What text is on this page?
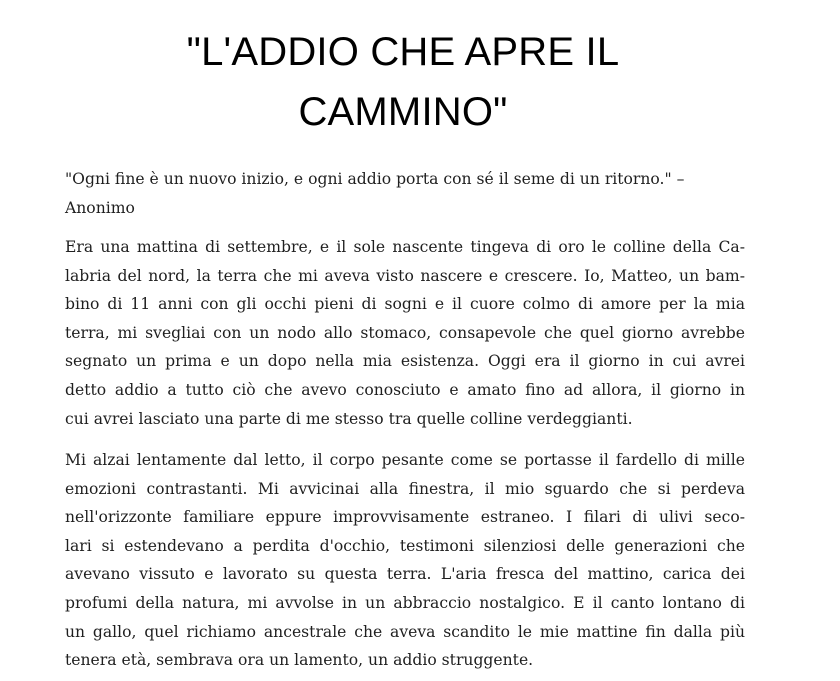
"L'ADDIO CHE APRE IL
CAMMINO"

"Ogni fine è un nuovo inizio, e ogni addio porta con sé il seme di un ritorno." –
Anonimo

Era una mattina di settembre, e il sole nascente tingeva di oro le colline della Ca-
labria del nord, la terra che mi aveva visto nascere e crescere. Io, Matteo, un bam-
bino di 11 anni con gli occhi pieni di sogni e il cuore colmo di amore per la mia
terra, mi svegliai con un nodo allo stomaco, consapevole che quel giorno avrebbe
segnato un prima e un dopo nella mia esistenza. Oggi era il giorno in cui avrei
detto addio a tutto ciò che avevo conosciuto e amato fino ad allora, il giorno in
cui avrei lasciato una parte di me stesso tra quelle colline verdeggianti.

Mi alzai lentamente dal letto, il corpo pesante come se portasse il fardello di mille
emozioni contrastanti. Mi avvicinai alla finestra, il mio sguardo che si perdeva
nell'orizzonte familiare eppure improvvisamente estraneo. I filari di ulivi seco-
lari si estendevano a perdita d'occhio, testimoni silenziosi delle generazioni che
avevano vissuto e lavorato su questa terra. L'aria fresca del mattino, carica dei
profumi della natura, mi avvolse in un abbraccio nostalgico. E il canto lontano di
un gallo, quel richiamo ancestrale che aveva scandito le mie mattine fin dalla più
tenera età, sembrava ora un lamento, un addio struggente.
